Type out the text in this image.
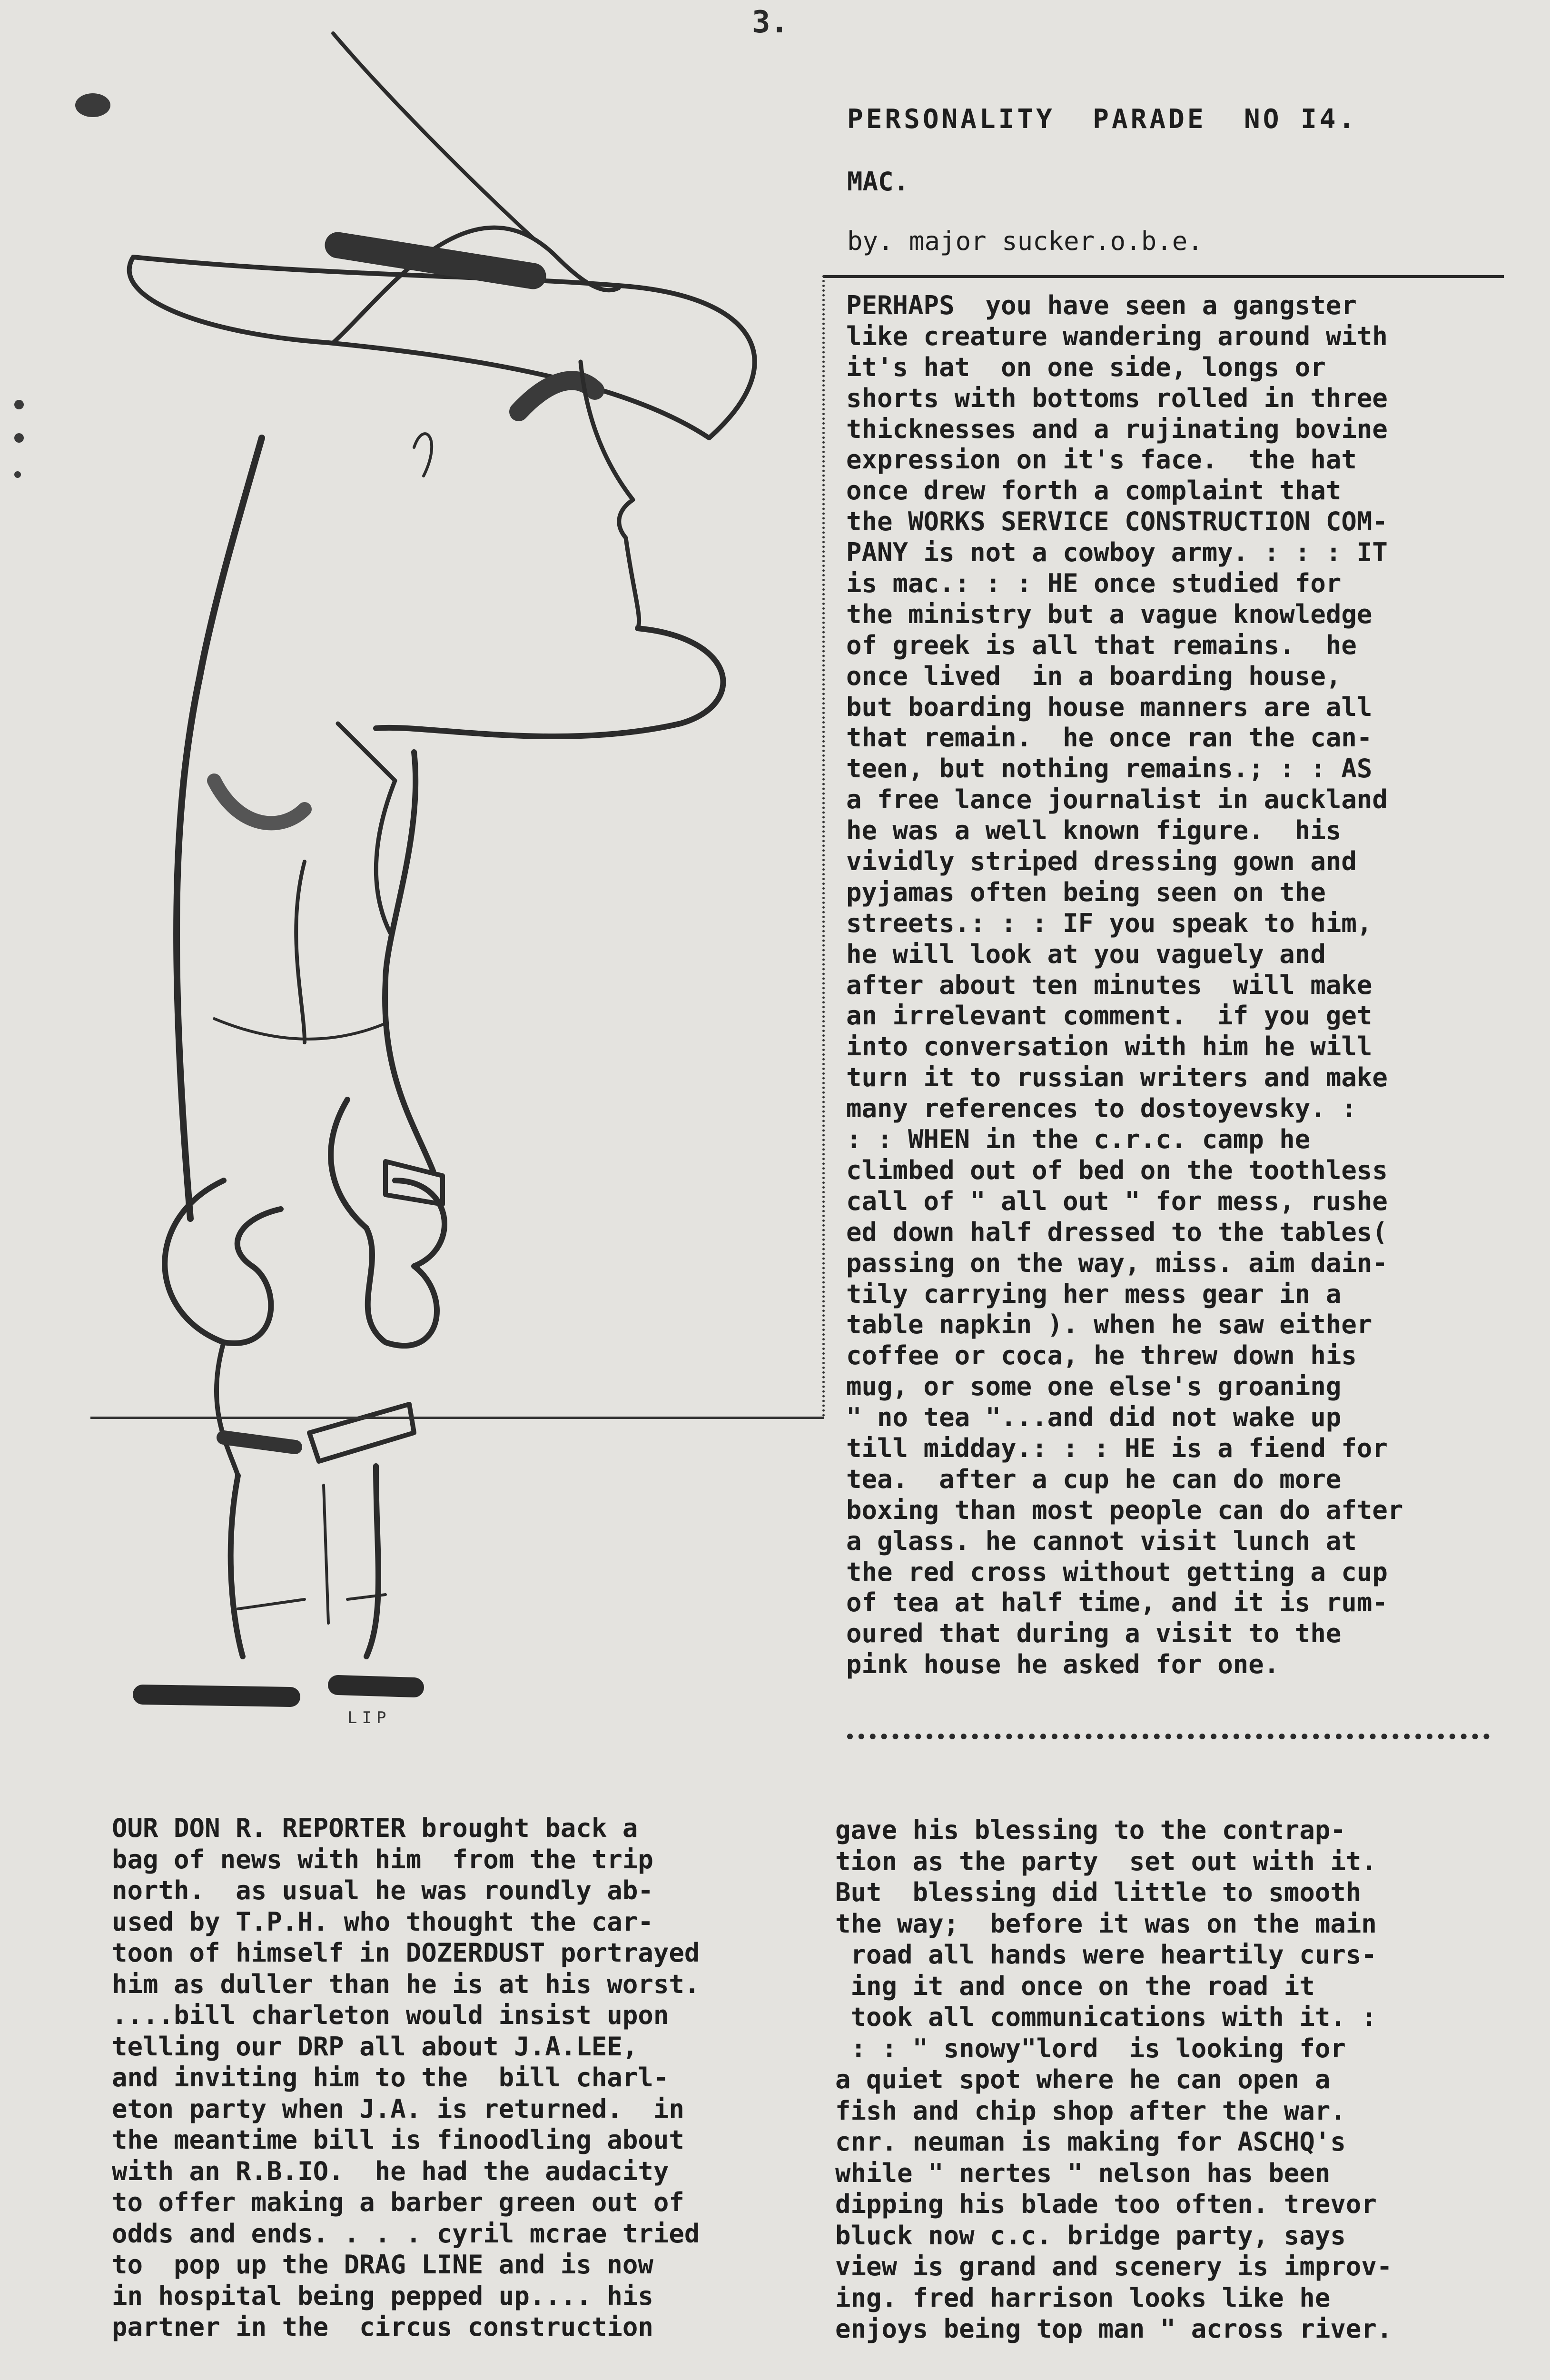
3.
LIP
PERSONALITY  PARADE  NO I4.
MAC.
by. major sucker.o.b.e.
PERHAPS  you have seen a gangster
like creature wandering around with
it's hat  on one side, longs or
shorts with bottoms rolled in three
thicknesses and a rujinating bovine
expression on it's face.  the hat
once drew forth a complaint that
the WORKS SERVICE CONSTRUCTION COM-
PANY is not a cowboy army. : : : IT
is mac.: : : HE once studied for
the ministry but a vague knowledge
of greek is all that remains.  he
once lived  in a boarding house,
but boarding house manners are all
that remain.  he once ran the can-
teen, but nothing remains.; : : AS
a free lance journalist in auckland
he was a well known figure.  his
vividly striped dressing gown and
pyjamas often being seen on the
streets.: : : IF you speak to him,
he will look at you vaguely and
after about ten minutes  will make
an irrelevant comment.  if you get
into conversation with him he will
turn it to russian writers and make
many references to dostoyevsky. :
: : WHEN in the c.r.c. camp he
climbed out of bed on the toothless
call of " all out " for mess, rushe
ed down half dressed to the tables(
passing on the way, miss. aim dain-
tily carrying her mess gear in a
table napkin ). when he saw either
coffee or coca, he threw down his
mug, or some one else's groaning
" no tea "...and did not wake up
till midday.: : : HE is a fiend for
tea.  after a cup he can do more
boxing than most people can do after
a glass. he cannot visit lunch at
the red cross without getting a cup
of tea at half time, and it is rum-
oured that during a visit to the
pink house he asked for one.
OUR DON R. REPORTER brought back a
bag of news with him  from the trip
north.  as usual he was roundly ab-
used by T.P.H. who thought the car-
toon of himself in DOZERDUST portrayed
him as duller than he is at his worst.
....bill charleton would insist upon
telling our DRP all about J.A.LEE,
and inviting him to the  bill charl-
eton party when J.A. is returned.  in
the meantime bill is finoodling about
with an R.B.IO.  he had the audacity
to offer making a barber green out of
odds and ends. . . . cyril mcrae tried
to  pop up the DRAG LINE and is now
in hospital being pepped up.... his
partner in the  circus construction
gave his blessing to the contrap-
tion as the party  set out with it.
But  blessing did little to smooth
the way;  before it was on the main
road all hands were heartily curs-
ing it and once on the road it
took all communications with it. :
: : " snowy"lord  is looking for
a quiet spot where he can open a
fish and chip shop after the war.
cnr. neuman is making for ASCHQ's
while " nertes " nelson has been
dipping his blade too often. trevor
bluck now c.c. bridge party, says
view is grand and scenery is improv-
ing. fred harrison looks like he
enjoys being top man " across river.
